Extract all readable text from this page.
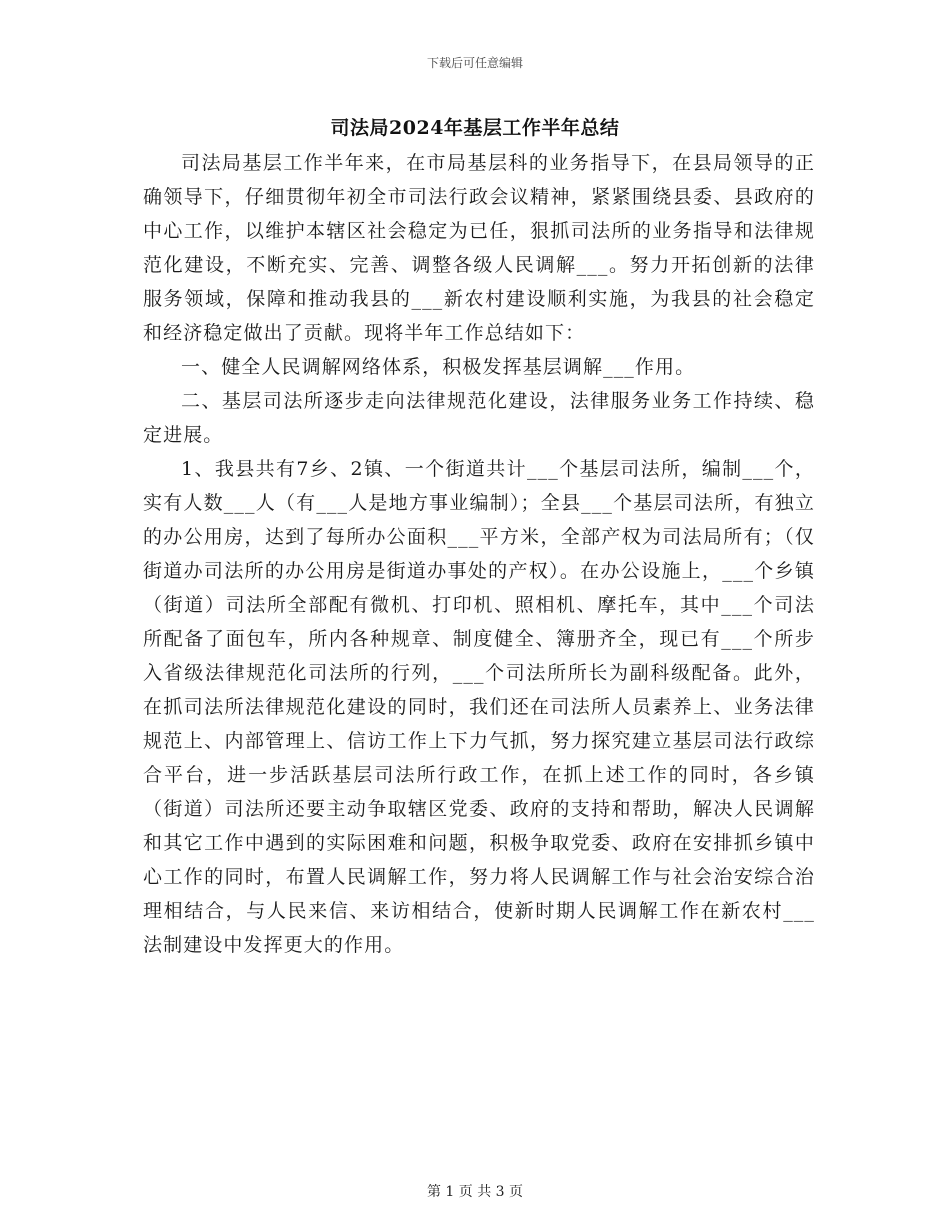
下载后可任意编辑
司法局2024年基层工作半年总结

司法局基层工作半年来，在市局基层科的业务指导下，在县局领导的正确领导下，仔细贯彻年初全市司法行政会议精神，紧紧围绕县委、县政府的中心工作，以维护本辖区社会稳定为已任，狠抓司法所的业务指导和法律规范化建设，不断充实、完善、调整各级人民调解___。努力开拓创新的法律服务领域，保障和推动我县的___新农村建设顺利实施，为我县的社会稳定和经济稳定做出了贡献。现将半年工作总结如下：

一、健全人民调解网络体系，积极发挥基层调解___作用。

二、基层司法所逐步走向法律规范化建设，法律服务业务工作持续、稳定进展。

1、我县共有7乡、2镇、一个街道共计___个基层司法所，编制___个，实有人数___人（有___人是地方事业编制）；全县___个基层司法所，有独立的办公用房，达到了每所办公面积___平方米，全部产权为司法局所有；（仅街道办司法所的办公用房是街道办事处的产权）。在办公设施上，___个乡镇（街道）司法所全部配有微机、打印机、照相机、摩托车，其中___个司法所配备了面包车，所内各种规章、制度健全、簿册齐全，现已有___个所步入省级法律规范化司法所的行列，___个司法所所长为副科级配备。此外，在抓司法所法律规范化建设的同时，我们还在司法所人员素养上、业务法律规范上、内部管理上、信访工作上下力气抓，努力探究建立基层司法行政综合平台，进一步活跃基层司法所行政工作，在抓上述工作的同时，各乡镇（街道）司法所还要主动争取辖区党委、政府的支持和帮助，解决人民调解和其它工作中遇到的实际困难和问题，积极争取党委、政府在安排抓乡镇中心工作的同时，布置人民调解工作，努力将人民调解工作与社会治安综合治理相结合，与人民来信、来访相结合，使新时期人民调解工作在新农村___法制建设中发挥更大的作用。

第 1 页 共 3 页
